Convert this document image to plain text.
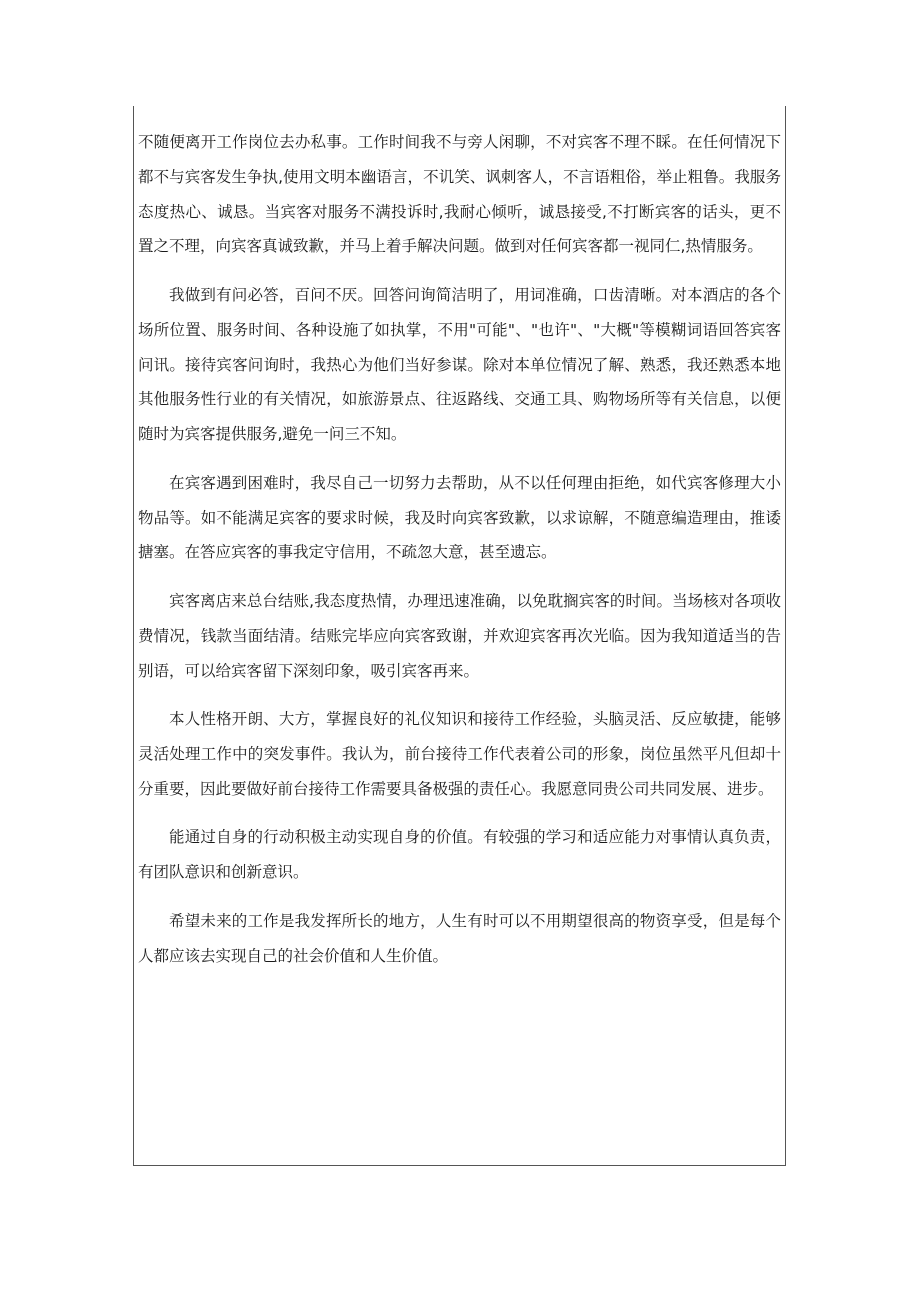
不随便离开工作岗位去办私事。工作时间我不与旁人闲聊，不对宾客不理不睬。在任何情况下都不与宾客发生争执,使用文明本幽语言，不讥笑、讽刺客人，不言语粗俗，举止粗鲁。我服务态度热心、诚恳。当宾客对服务不满投诉时,我耐心倾听，诚恳接受,不打断宾客的话头，更不置之不理，向宾客真诚致歉，并马上着手解决问题。做到对任何宾客都一视同仁,热情服务。

我做到有问必答，百问不厌。回答问询简洁明了，用词准确，口齿清晰。对本酒店的各个场所位置、服务时间、各种设施了如执掌，不用"可能"、"也许"、"大概"等模糊词语回答宾客问讯。接待宾客问询时，我热心为他们当好参谋。除对本单位情况了解、熟悉，我还熟悉本地其他服务性行业的有关情况，如旅游景点、往返路线、交通工具、购物场所等有关信息，以便随时为宾客提供服务,避免一问三不知。

在宾客遇到困难时，我尽自己一切努力去帮助，从不以任何理由拒绝，如代宾客修理大小物品等。如不能满足宾客的要求时候，我及时向宾客致歉，以求谅解，不随意编造理由，推诿搪塞。在答应宾客的事我定守信用，不疏忽大意，甚至遗忘。

宾客离店来总台结账,我态度热情，办理迅速准确，以免耽搁宾客的时间。当场核对各项收费情况，钱款当面结清。结账完毕应向宾客致谢，并欢迎宾客再次光临。因为我知道适当的告别语，可以给宾客留下深刻印象，吸引宾客再来。

本人性格开朗、大方，掌握良好的礼仪知识和接待工作经验，头脑灵活、反应敏捷，能够灵活处理工作中的突发事件。我认为，前台接待工作代表着公司的形象，岗位虽然平凡但却十分重要，因此要做好前台接待工作需要具备极强的责任心。我愿意同贵公司共同发展、进步。

能通过自身的行动积极主动实现自身的价值。有较强的学习和适应能力对事情认真负责，有团队意识和创新意识。

希望未来的工作是我发挥所长的地方，人生有时可以不用期望很高的物资享受，但是每个人都应该去实现自己的社会价值和人生价值。
